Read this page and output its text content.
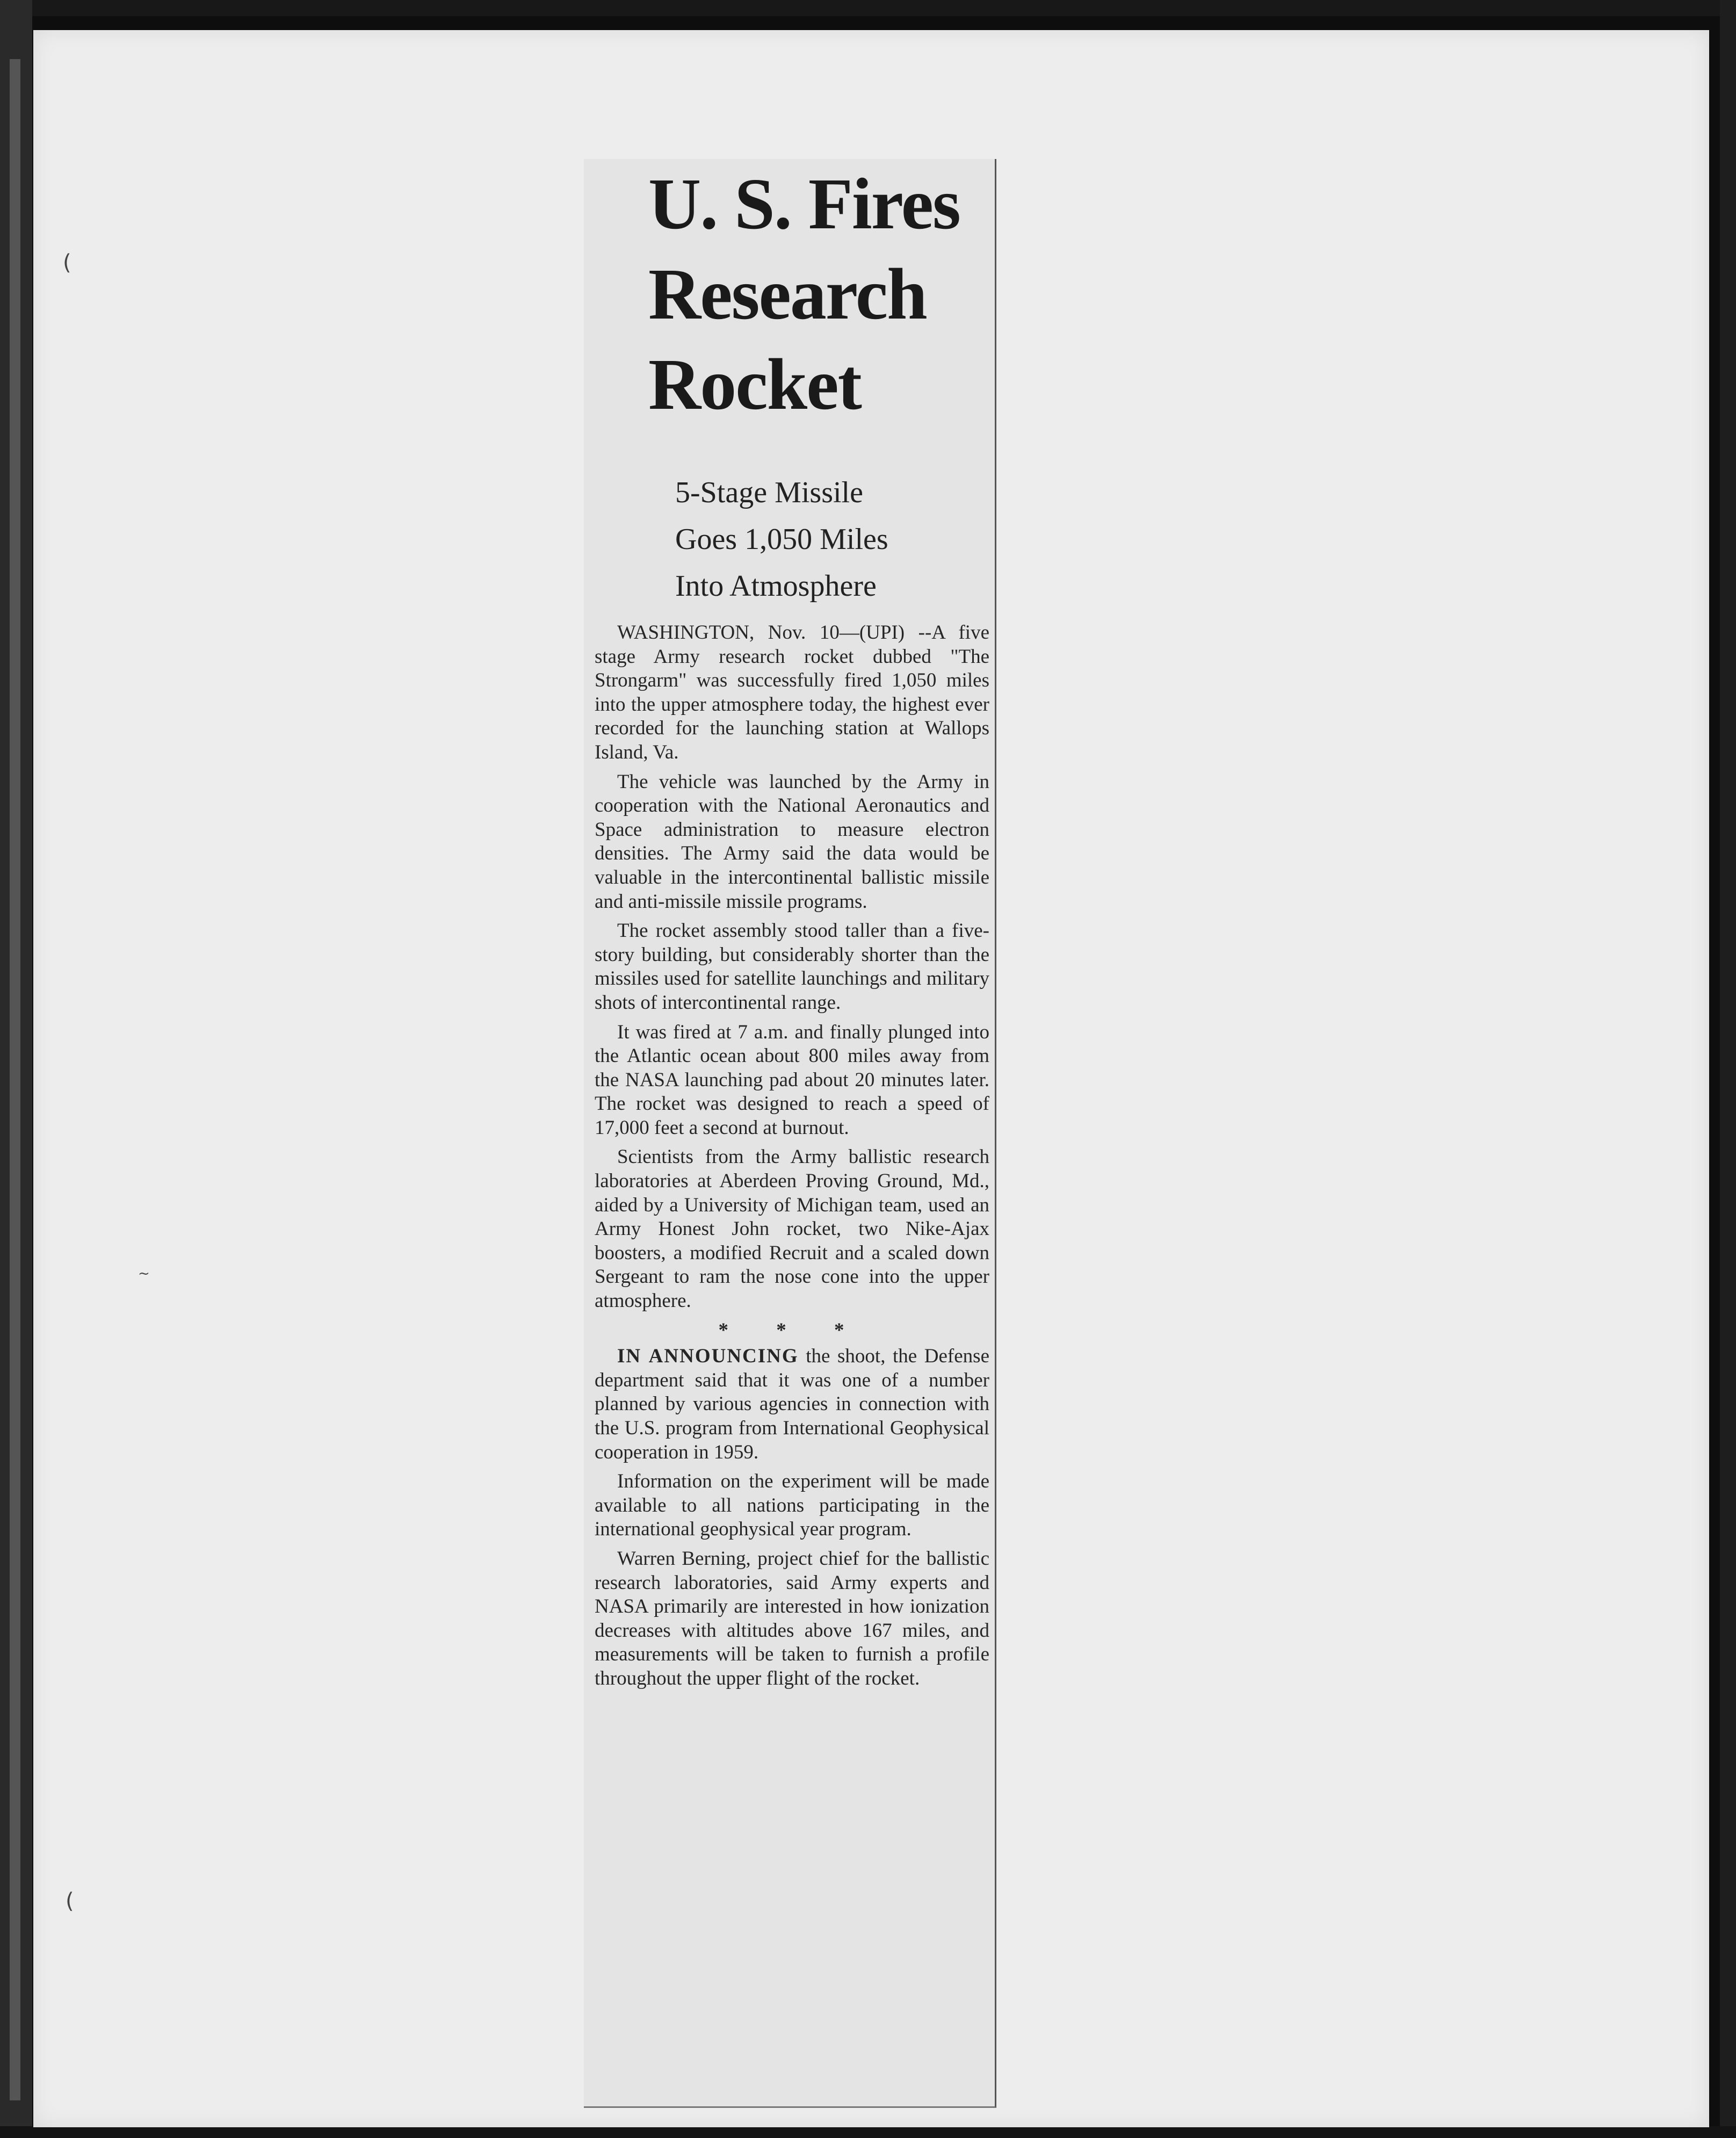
(
(
~
U. S. Fires
Research
Rocket
5-Stage Missile
Goes 1,050 Miles
Into Atmosphere

WASHINGTON, Nov. 10—(UPI) --A five stage Army research rocket dubbed "The Strongarm" was successfully fired 1,050 miles into the upper atmosphere today, the highest ever recorded for the launching station at Wallops Island, Va.

The vehicle was launched by the Army in cooperation with the National Aeronautics and Space administration to measure electron densities. The Army said the data would be valuable in the intercontinental ballistic missile and anti-missile missile programs.

The rocket assembly stood taller than a five-story building, but considerably shorter than the missiles used for satellite launchings and military shots of intercontinental range.

It was fired at 7 a.m. and finally plunged into the Atlantic ocean about 800 miles away from the NASA launching pad about 20 minutes later. The rocket was designed to reach a speed of 17,000 feet a second at burnout.

Scientists from the Army ballistic research laboratories at Aberdeen Proving Ground, Md., aided by a University of Michigan team, used an Army Honest John rocket, two Nike-Ajax boosters, a modified Recruit and a scaled down Sergeant to ram the nose cone into the upper atmosphere.

* * *

IN ANNOUNCING the shoot, the Defense department said that it was one of a number planned by various agencies in connection with the U.S. program from International Geophysical cooperation in 1959.

Information on the experiment will be made available to all nations participating in the international geophysical year program.

Warren Berning, project chief for the ballistic research laboratories, said Army experts and NASA primarily are interested in how ionization decreases with altitudes above 167 miles, and measurements will be taken to furnish a profile throughout the upper flight of the rocket.
